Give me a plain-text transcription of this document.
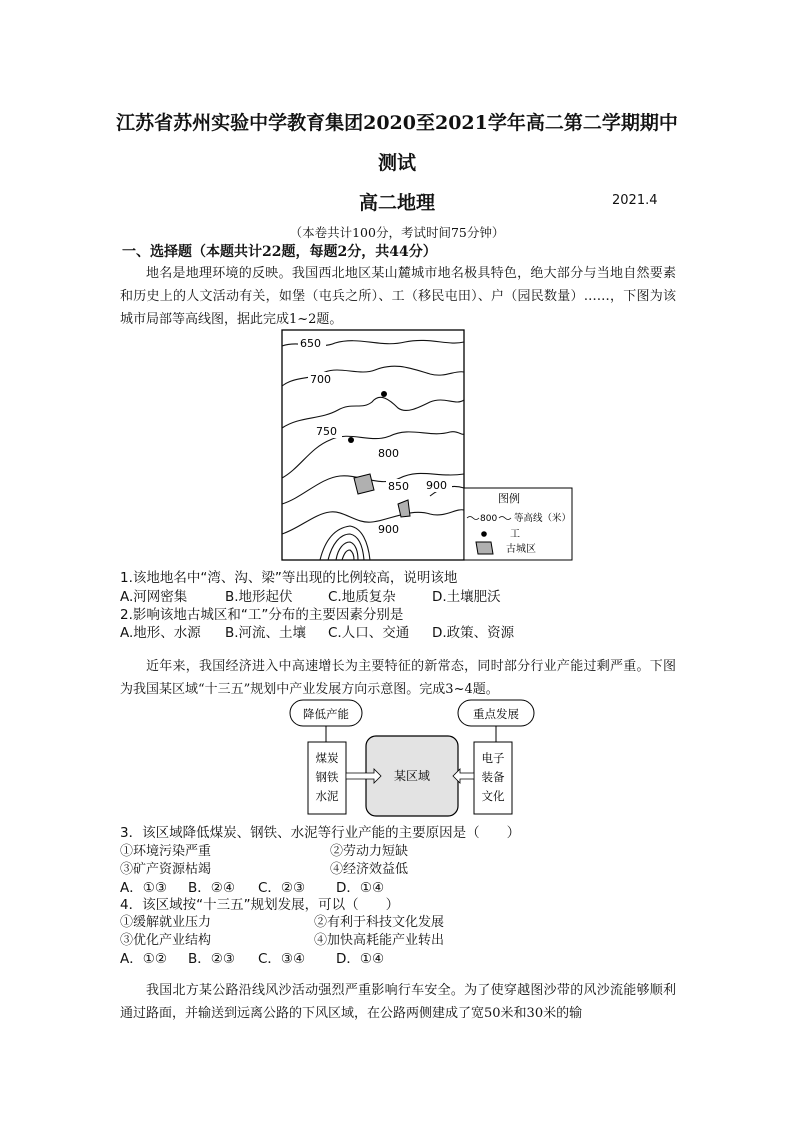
江苏省苏州实验中学教育集团2020至2021学年高二第二学期期中
测试
高二地理	2021.4
（本卷共计100分，考试时间75分钟）
一、选择题（本题共计22题，每题2分，共44分）

地名是地理环境的反映。我国西北地区某山麓城市地名极具特色，绝大部分与当地自然要素和历史上的人文活动有关，如堡（屯兵之所）、工（移民屯田）、户（园民数量）……，下图为该城市局部等高线图，据此完成1~2题。

650
700
750
800
850 900
900
图例
800 等高线（米）
工
古城区
1.该地地名中“湾、沟、梁”等出现的比例较高，说明该地
A.河网密集	B.地形起伏	C.地质复杂	D.土壤肥沃
2.影响该地古城区和“工”分布的主要因素分别是
A.地形、水源 B.河流、土壤 C.人口、交通 D.政策、资源

近年来，我国经济进入中高速增长为主要特征的新常态，同时部分行业产能过剩严重。下图为我国某区域“十三五”规划中产业发展方向示意图。完成3~4题。

降低产能	重点发展
煤炭
钢铁
水泥
某区域
电子
装备
文化
3．该区域降低煤炭、钢铁、水泥等行业产能的主要原因是（　　）
①环境污染严重	②劳动力短缺
③矿产资源枯竭	④经济效益低
A．①③ B．②④ C．②③ D．①④
4．该区域按“十三五”规划发展，可以（　　）
①缓解就业压力	②有利于科技文化发展
③优化产业结构	④加快高耗能产业转出
A．①② B．②③ C．③④ D．①④

我国北方某公路沿线风沙活动强烈严重影响行车安全。为了使穿越图沙带的风沙流能够顺利通过路面，并输送到远离公路的下风区域，在公路两侧建成了宽50米和30米的输
